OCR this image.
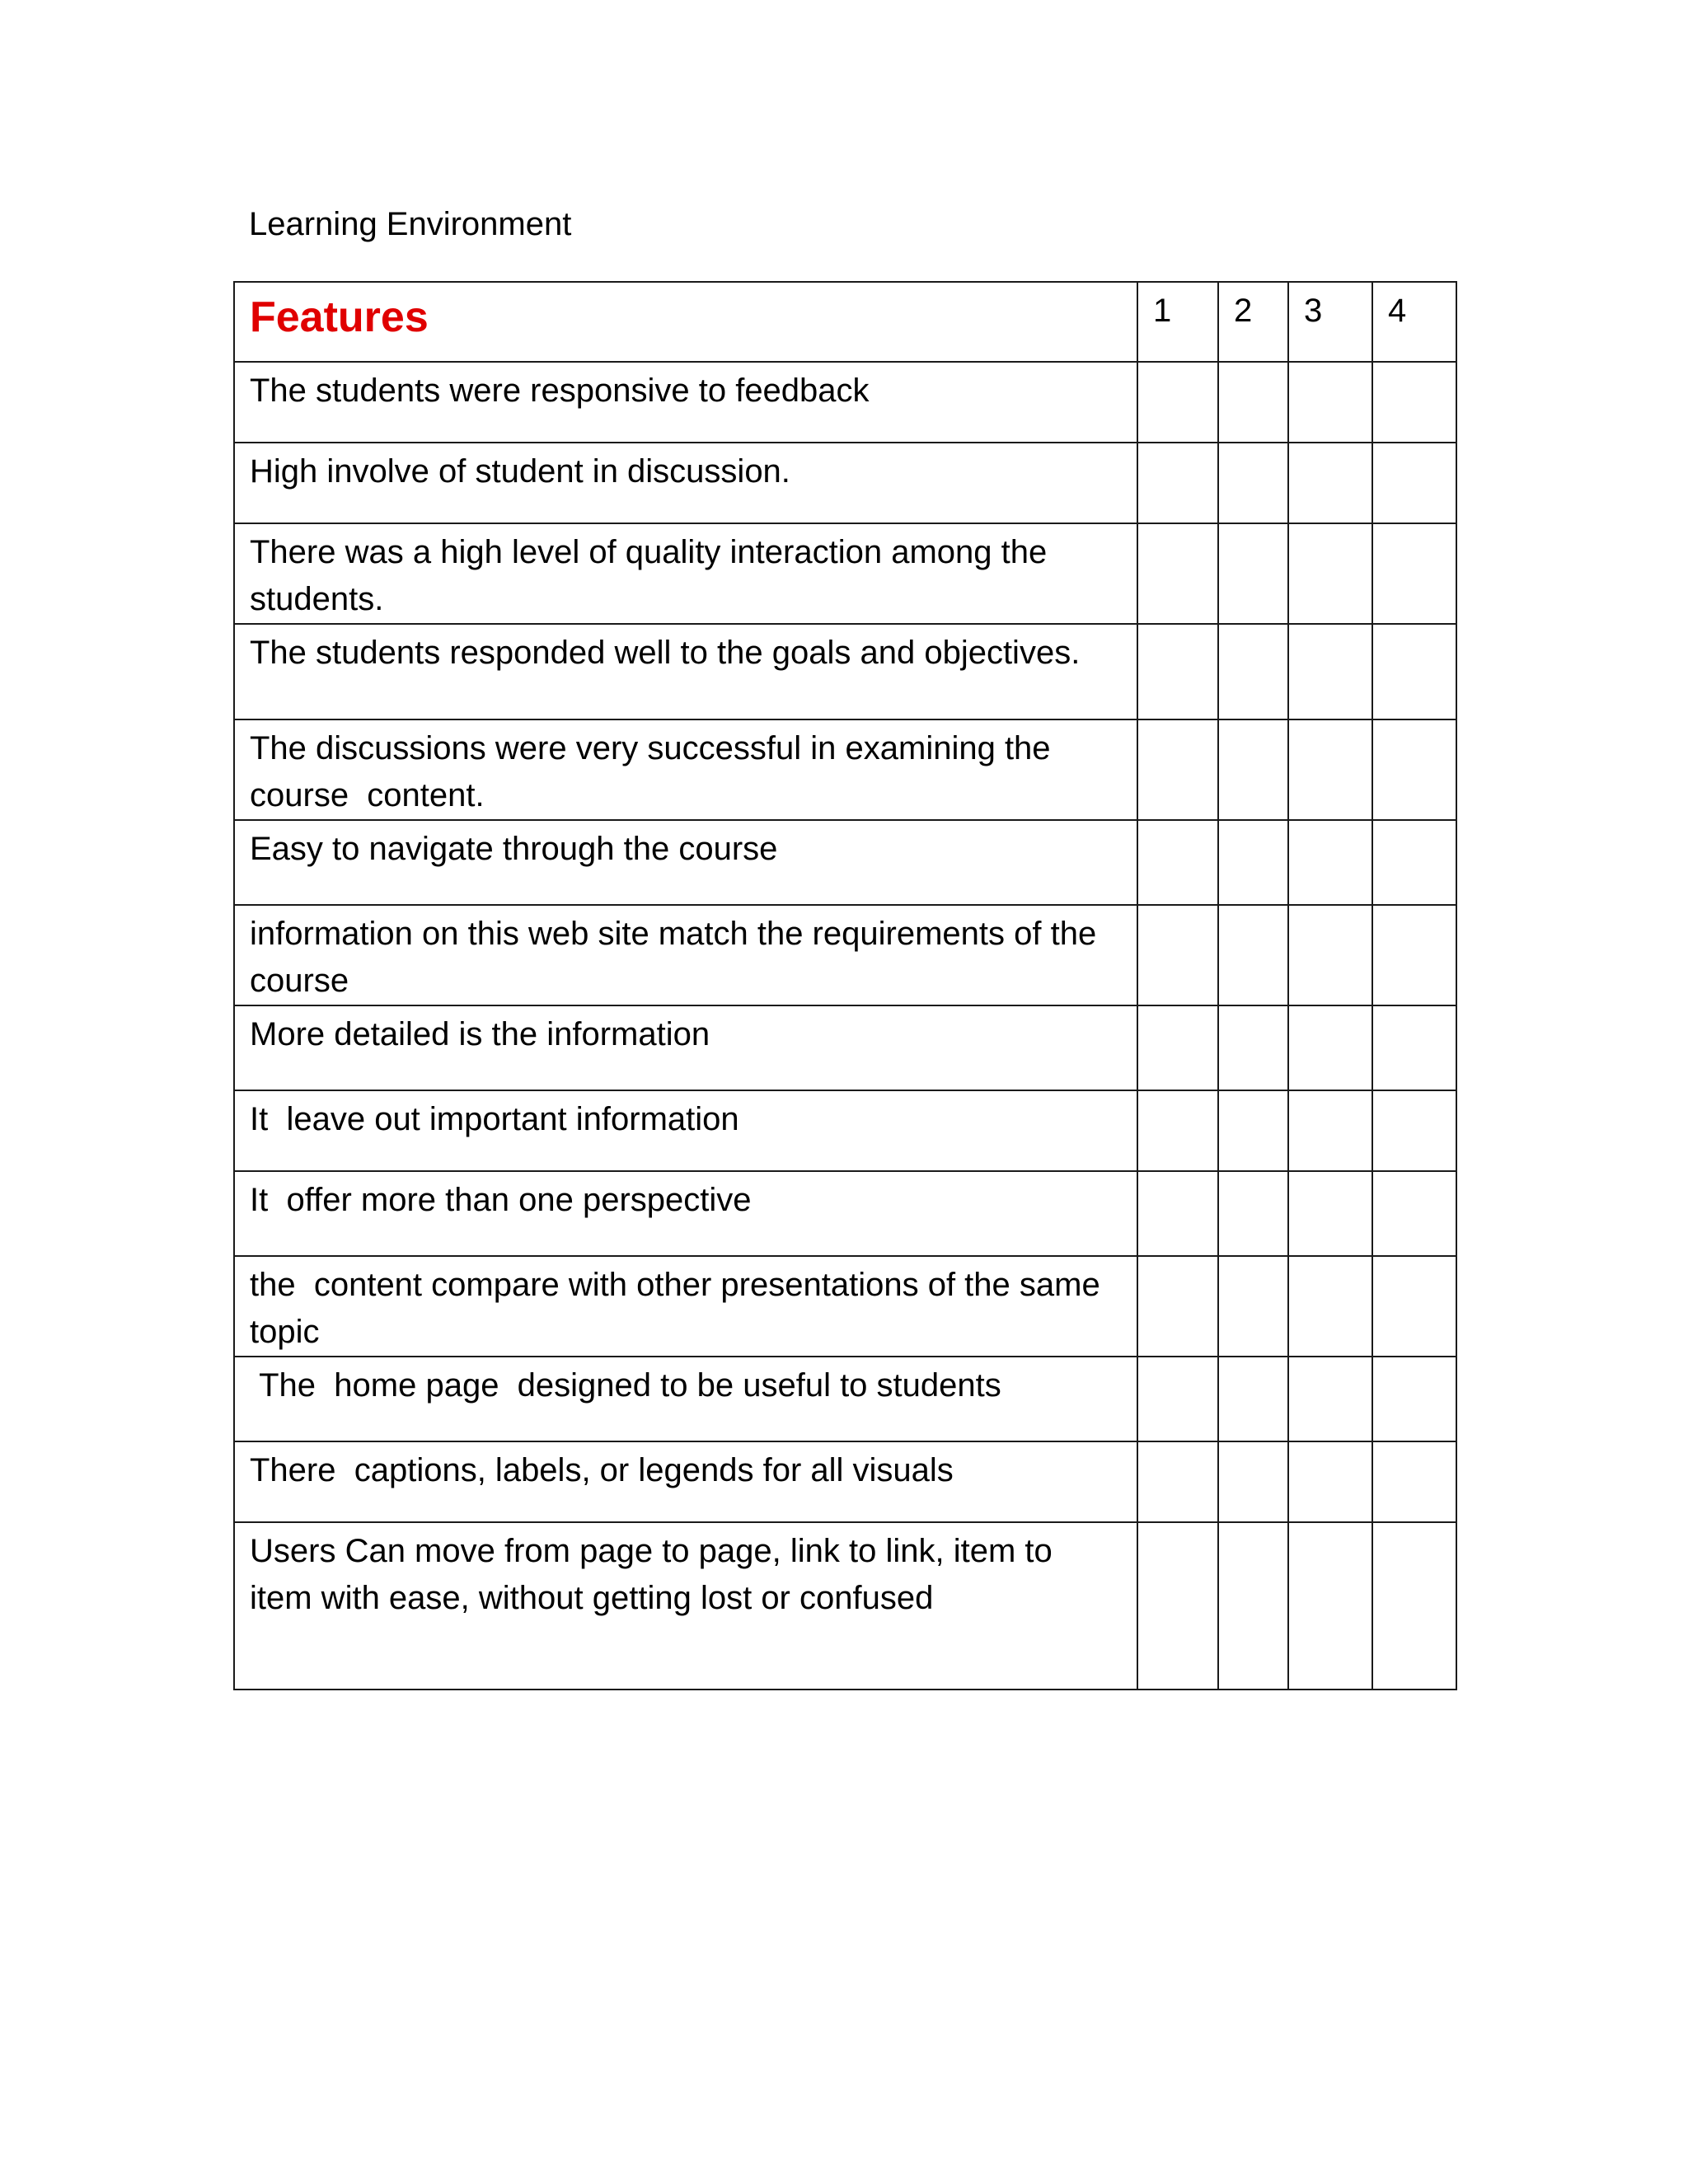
Learning Environment
Features	1	2	3	4

The students were responsive to feedback				

High involve of student in discussion.				

There was a high level of quality interaction among the students.				

The students responded well to the goals and objectives.				

The discussions were very successful in examining the course  content.				

Easy to navigate through the course				

information on this web site match the requirements of the course				

More detailed is the information				

It  leave out important information				

It  offer more than one perspective				

the  content compare with other presentations of the same topic				

The  home page  designed to be useful to students				

There  captions, labels, or legends for all visuals				

Users Can move from page to page, link to link, item to item with ease, without getting lost or confused				
